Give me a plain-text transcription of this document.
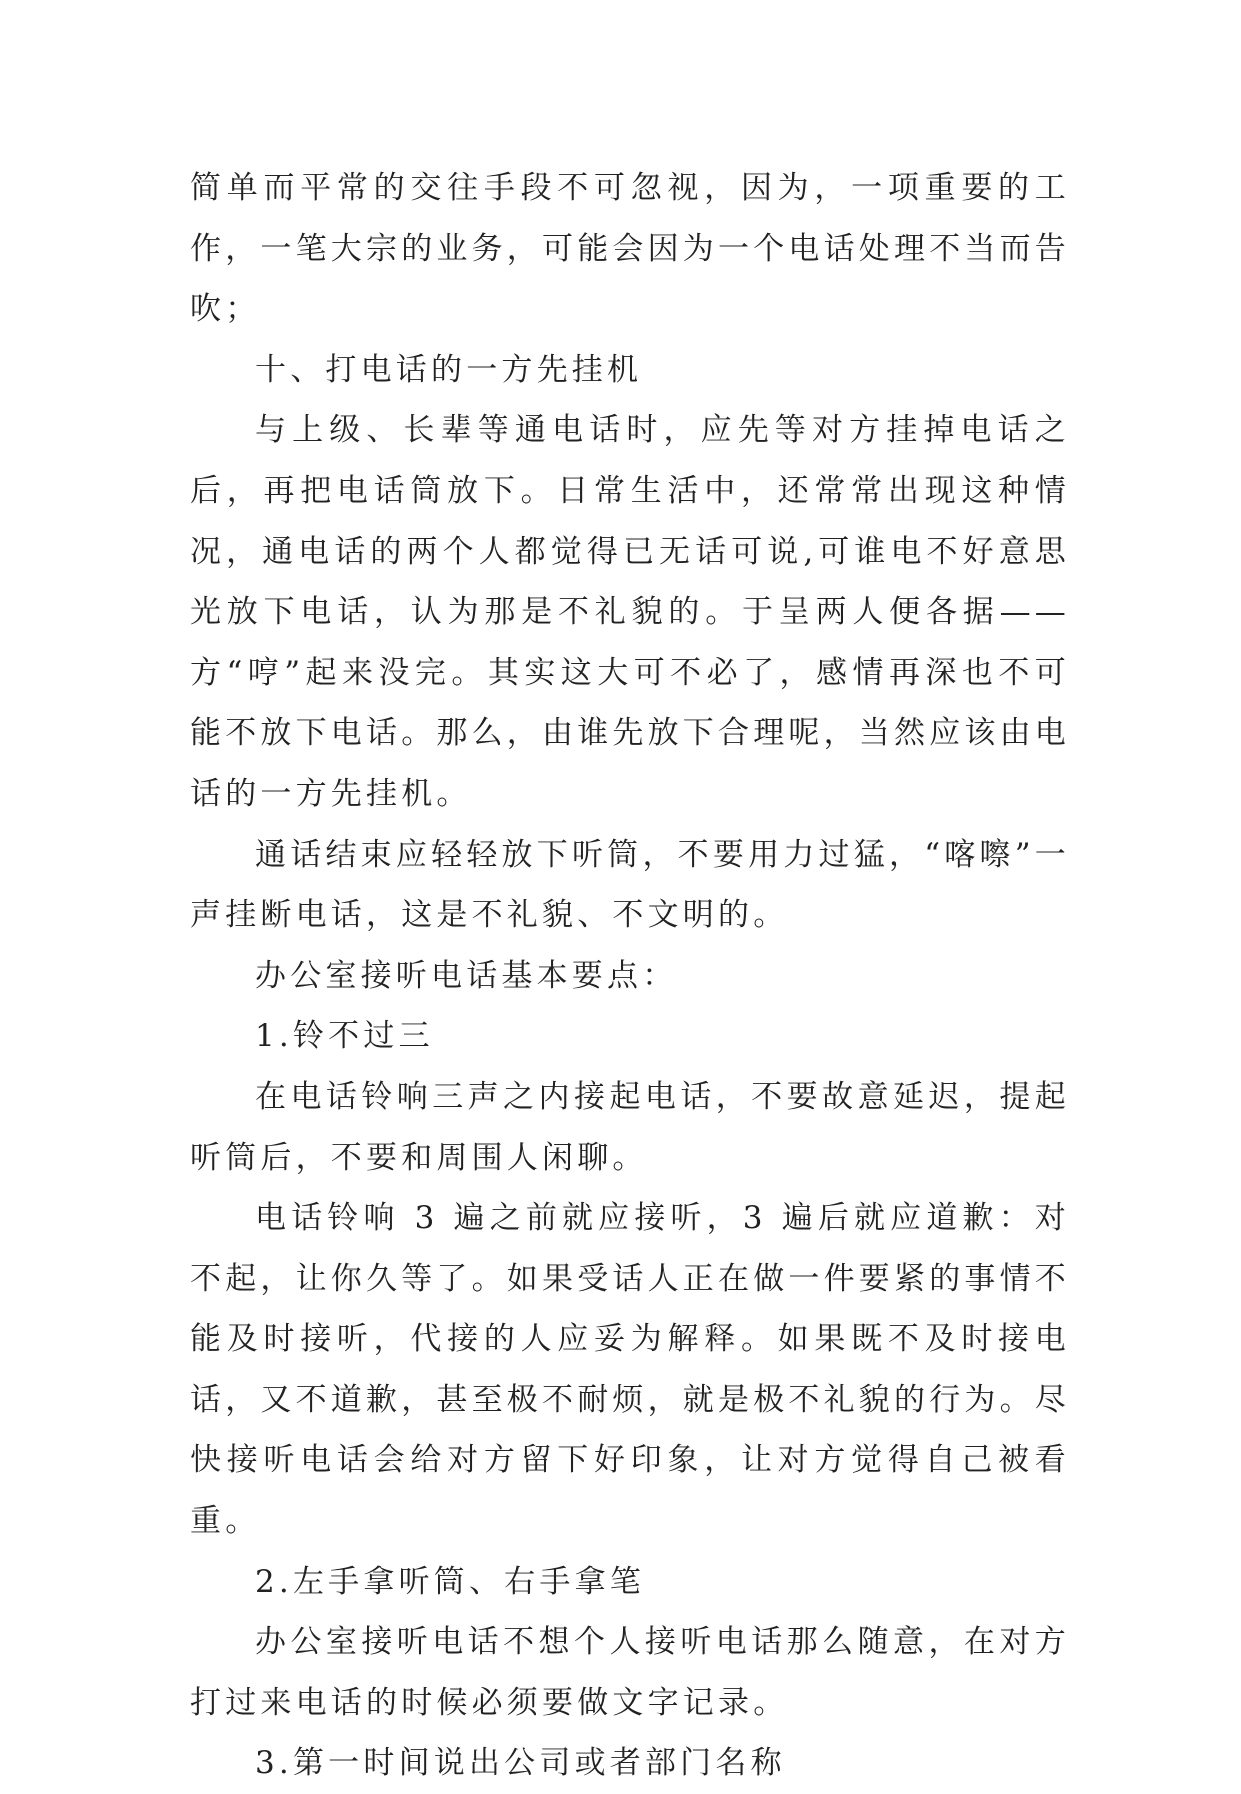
简单而平常的交往手段不可忽视，因为，一项重要的工作，一笔大宗的业务，可能会因为一个电话处理不当而告吹；

十、打电话的一方先挂机

与上级、长辈等通电话时，应先等对方挂掉电话之后，再把电话筒放下。日常生活中，还常常出现这种情况，通电话的两个人都觉得已无话可说,可谁电不好意思光放下电话，认为那是不礼貌的。于呈两人便各据——方“哼”起来没完。其实这大可不必了，感情再深也不可能不放下电话。那么，由谁先放下合理呢，当然应该由电话的一方先挂机。

通话结束应轻轻放下听筒，不要用力过猛，“喀嚓”一声挂断电话，这是不礼貌、不文明的。

办公室接听电话基本要点：

1.铃不过三

在电话铃响三声之内接起电话，不要故意延迟，提起听筒后，不要和周围人闲聊。

电话铃响 3 遍之前就应接听，3 遍后就应道歉：对不起，让你久等了。如果受话人正在做一件要紧的事情不能及时接听，代接的人应妥为解释。如果既不及时接电话，又不道歉，甚至极不耐烦，就是极不礼貌的行为。尽快接听电话会给对方留下好印象，让对方觉得自己被看重。

2.左手拿听筒、右手拿笔

办公室接听电话不想个人接听电话那么随意，在对方打过来电话的时候必须要做文字记录。

3.第一时间说出公司或者部门名称
